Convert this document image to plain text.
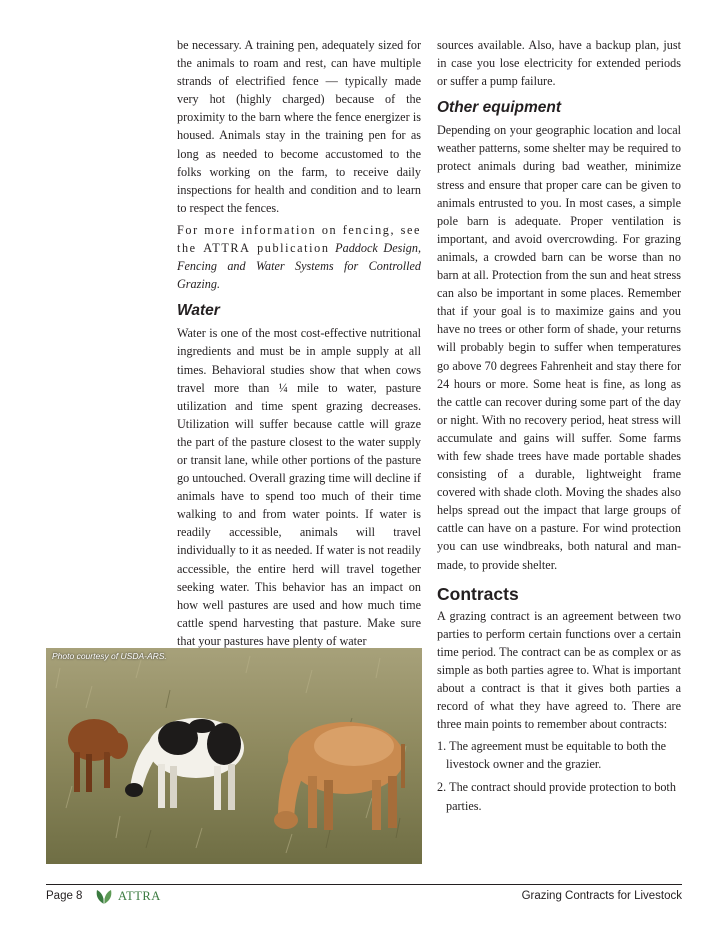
be necessary. A training pen, adequately sized for the animals to roam and rest, can have multiple strands of electrified fence — typically made very hot (highly charged) because of the proximity to the barn where the fence energizer is housed. Animals stay in the training pen for as long as needed to become accustomed to the folks working on the farm, to receive daily inspections for health and condition and to learn to respect the fences.

For more information on fencing, see the ATTRA publication Paddock Design, Fencing and Water Systems for Controlled Grazing.

Water

Water is one of the most cost-effective nutritional ingredients and must be in ample supply at all times. Behavioral studies show that when cows travel more than ¼ mile to water, pasture utilization and time spent grazing decreases. Utilization will suffer because cattle will graze the part of the pasture closest to the water supply or transit lane, while other portions of the pasture go untouched. Overall grazing time will decline if animals have to spend too much of their time walking to and from water points. If water is readily accessible, animals will travel individually to it as needed. If water is not readily accessible, the entire herd will travel together seeking water. This behavior has an impact on how well pastures are used and how much time cattle spend harvesting that pasture. Make sure that your pastures have plenty of water

sources available. Also, have a backup plan, just in case you lose electricity for extended periods or suffer a pump failure.

Other equipment

Depending on your geographic location and local weather patterns, some shelter may be required to protect animals during bad weather, minimize stress and ensure that proper care can be given to animals entrusted to you. In most cases, a simple pole barn is adequate. Proper ventilation is important, and avoid overcrowding. For grazing animals, a crowded barn can be worse than no barn at all. Protection from the sun and heat stress can also be important in some places. Remember that if your goal is to maximize gains and you have no trees or other form of shade, your returns will probably begin to suffer when temperatures go above 70 degrees Fahrenheit and stay there for 24 hours or more. Some heat is fine, as long as the cattle can recover during some part of the day or night. With no recovery period, heat stress will accumulate and gains will suffer. Some farms with few shade trees have made portable shades consisting of a durable, lightweight frame covered with shade cloth. Moving the shades also helps spread out the impact that large groups of cattle can have on a pasture. For wind protection you can use windbreaks, both natural and man-made, to provide shelter.

Contracts

A grazing contract is an agreement between two parties to perform certain functions over a certain time period. The contract can be as complex or as simple as both parties agree to. What is important about a contract is that it gives both parties a record of what they have agreed to. There are three main points to remember about contracts:

1. The agreement must be equitable to both the livestock owner and the grazier.
2. The contract should provide protection to both parties.
Photo courtesy of USDA-ARS.
Page 8	ATTRA	Grazing Contracts for Livestock
